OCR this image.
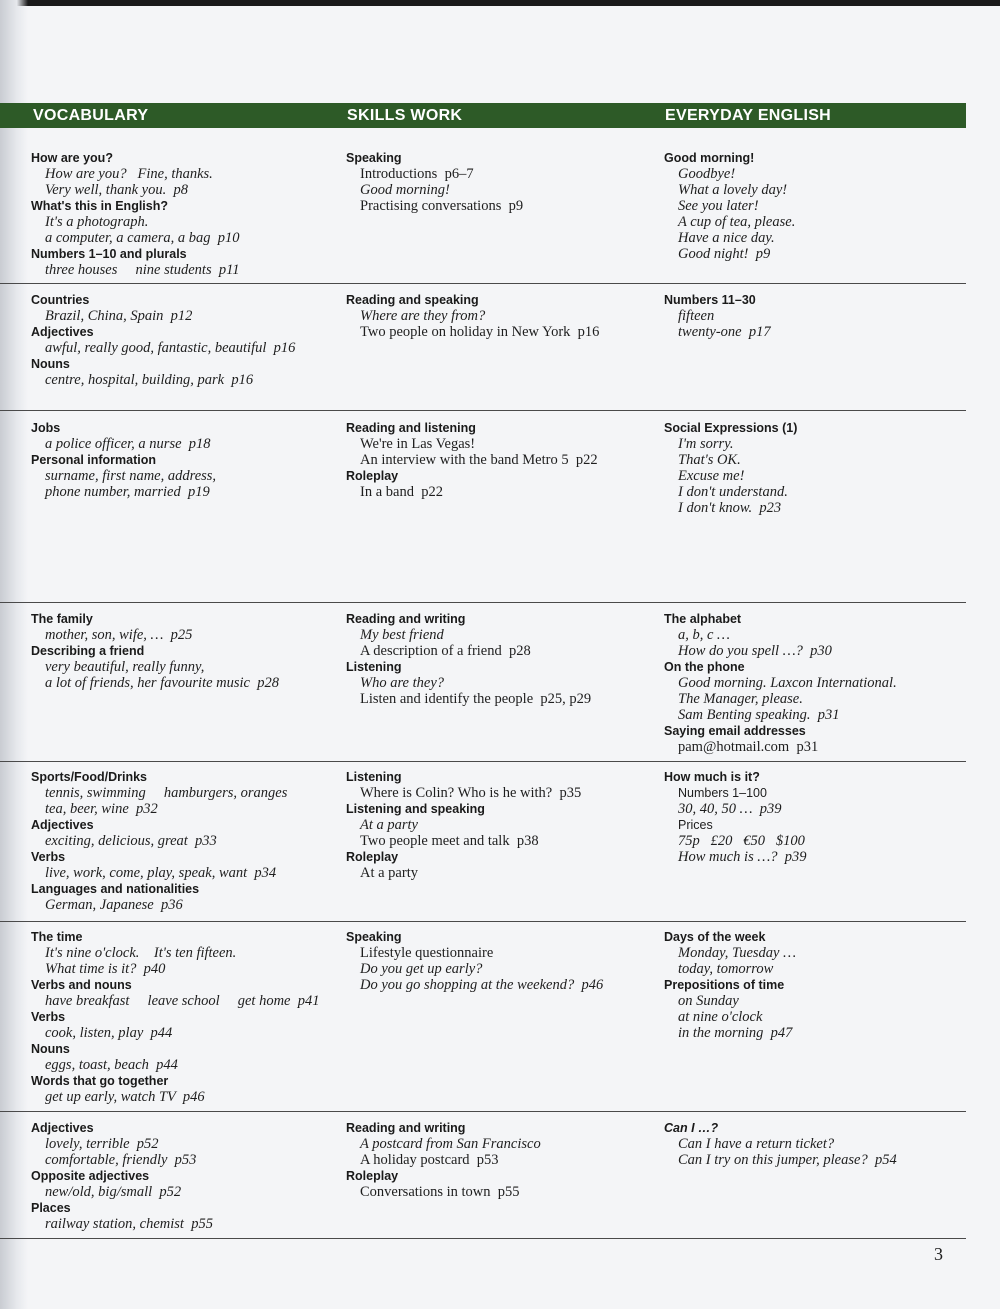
VOCABULARY	SKILLS WORK	EVERYDAY ENGLISH
How are you?
How are you?   Fine, thanks.
Very well, thank you.  p8
What's this in English?
It's a photograph.
a computer, a camera, a bag  p10
Numbers 1–10 and plurals
three houses     nine students  p11
Speaking
Introductions  p6–7
Good morning!
Practising conversations  p9
Good morning!
Goodbye!
What a lovely day!
See you later!
A cup of tea, please.
Have a nice day.
Good night!  p9
Countries
Brazil, China, Spain  p12
Adjectives
awful, really good, fantastic, beautiful  p16
Nouns
centre, hospital, building, park  p16
Reading and speaking
Where are they from?
Two people on holiday in New York  p16
Numbers 11–30
fifteen
twenty-one  p17
Jobs
a police officer, a nurse  p18
Personal information
surname, first name, address,
phone number, married  p19
Reading and listening
We're in Las Vegas!
An interview with the band Metro 5  p22
Roleplay
In a band  p22
Social Expressions (1)
I'm sorry.
That's OK.
Excuse me!
I don't understand.
I don't know.  p23
The family
mother, son, wife, …  p25
Describing a friend
very beautiful, really funny,
a lot of friends, her favourite music  p28
Reading and writing
My best friend
A description of a friend  p28
Listening
Who are they?
Listen and identify the people  p25, p29
The alphabet
a, b, c …
How do you spell …?  p30
On the phone
Good morning. Laxcon International.
The Manager, please.
Sam Benting speaking.  p31
Saying email addresses
pam@hotmail.com  p31
Sports/Food/Drinks
tennis, swimming     hamburgers, oranges
tea, beer, wine  p32
Adjectives
exciting, delicious, great  p33
Verbs
live, work, come, play, speak, want  p34
Languages and nationalities
German, Japanese  p36
Listening
Where is Colin? Who is he with?  p35
Listening and speaking
At a party
Two people meet and talk  p38
Roleplay
At a party
How much is it?
Numbers 1–100
30, 40, 50 …  p39
Prices
75p   £20   €50   $100
How much is …?  p39
The time
It's nine o'clock.    It's ten fifteen.
What time is it?  p40
Verbs and nouns
have breakfast     leave school     get home  p41
Verbs
cook, listen, play  p44
Nouns
eggs, toast, beach  p44
Words that go together
get up early, watch TV  p46
Speaking
Lifestyle questionnaire
Do you get up early?
Do you go shopping at the weekend?  p46
Days of the week
Monday, Tuesday …
today, tomorrow
Prepositions of time
on Sunday
at nine o'clock
in the morning  p47
Adjectives
lovely, terrible  p52
comfortable, friendly  p53
Opposite adjectives
new/old, big/small  p52
Places
railway station, chemist  p55
Reading and writing
A postcard from San Francisco
A holiday postcard  p53
Roleplay
Conversations in town  p55
Can I …?
Can I have a return ticket?
Can I try on this jumper, please?  p54
3
